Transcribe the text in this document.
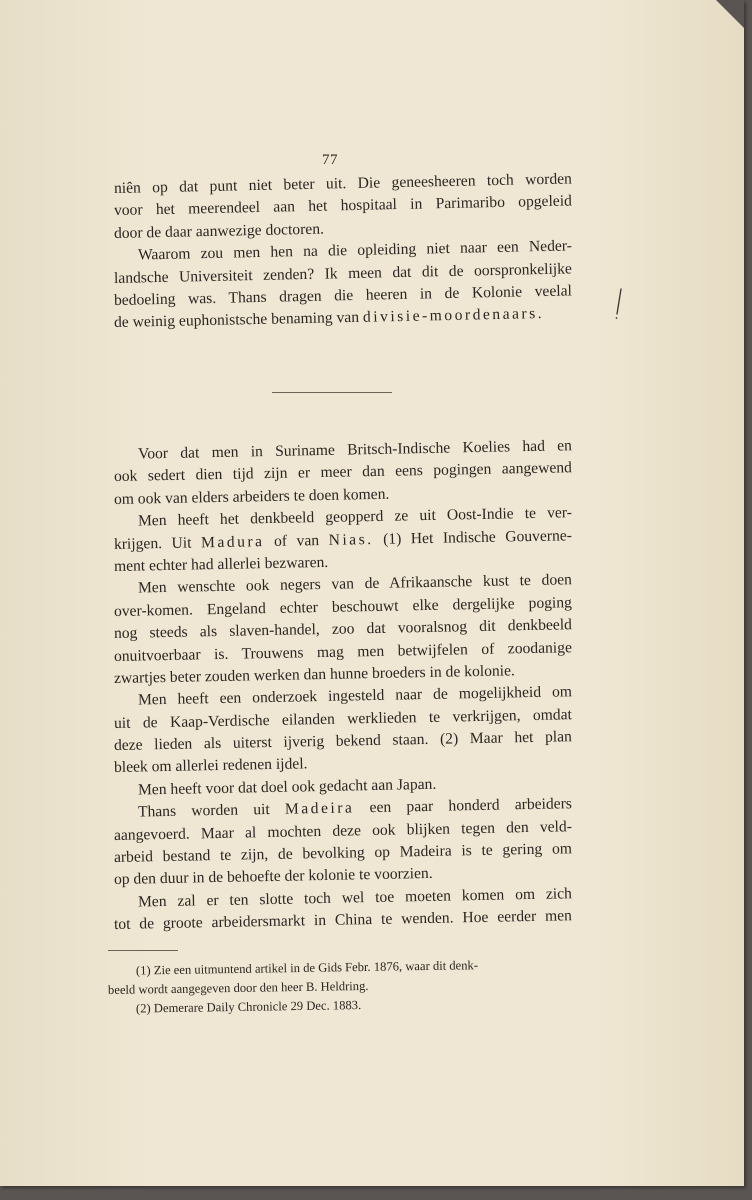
77
niên op dat punt niet beter uit. Die geneesheeren toch worden
voor het meerendeel aan het hospitaal in Parimaribo opgeleid
door de daar aanwezige doctoren.
Waarom zou men hen na die opleiding niet naar een Neder-
landsche Universiteit zenden? Ik meen dat dit de oorspronkelijke
bedoeling was. Thans dragen die heeren in de Kolonie veelal
de weinig euphonistsche benaming van divisie-moordenaars.
Voor dat men in Suriname Britsch-Indische Koelies had en
ook sedert dien tijd zijn er meer dan eens pogingen aangewend
om ook van elders arbeiders te doen komen.
Men heeft het denkbeeld geopperd ze uit Oost-Indie te ver-
krijgen. Uit Madura of van Nias. (1) Het Indische Gouverne-
ment echter had allerlei bezwaren.
Men wenschte ook negers van de Afrikaansche kust te doen
over-komen. Engeland echter beschouwt elke dergelijke poging
nog steeds als slaven-handel, zoo dat vooralsnog dit denkbeeld
onuitvoerbaar is. Trouwens mag men betwijfelen of zoodanige
zwartjes beter zouden werken dan hunne broeders in de kolonie.
Men heeft een onderzoek ingesteld naar de mogelijkheid om
uit de Kaap-Verdische eilanden werklieden te verkrijgen, omdat
deze lieden als uiterst ijverig bekend staan. (2) Maar het plan
bleek om allerlei redenen ijdel.
Men heeft voor dat doel ook gedacht aan Japan.
Thans worden uit Madeira een paar honderd arbeiders
aangevoerd. Maar al mochten deze ook blijken tegen den veld-
arbeid bestand te zijn, de bevolking op Madeira is te gering om
op den duur in de behoefte der kolonie te voorzien.
Men zal er ten slotte toch wel toe moeten komen om zich
tot de groote arbeidersmarkt in China te wenden. Hoe eerder men
(1) Zie een uitmuntend artikel in de Gids Febr. 1876, waar dit denk-
beeld wordt aangegeven door den heer B. Heldring.
(2) Demerare Daily Chronicle 29 Dec. 1883.
